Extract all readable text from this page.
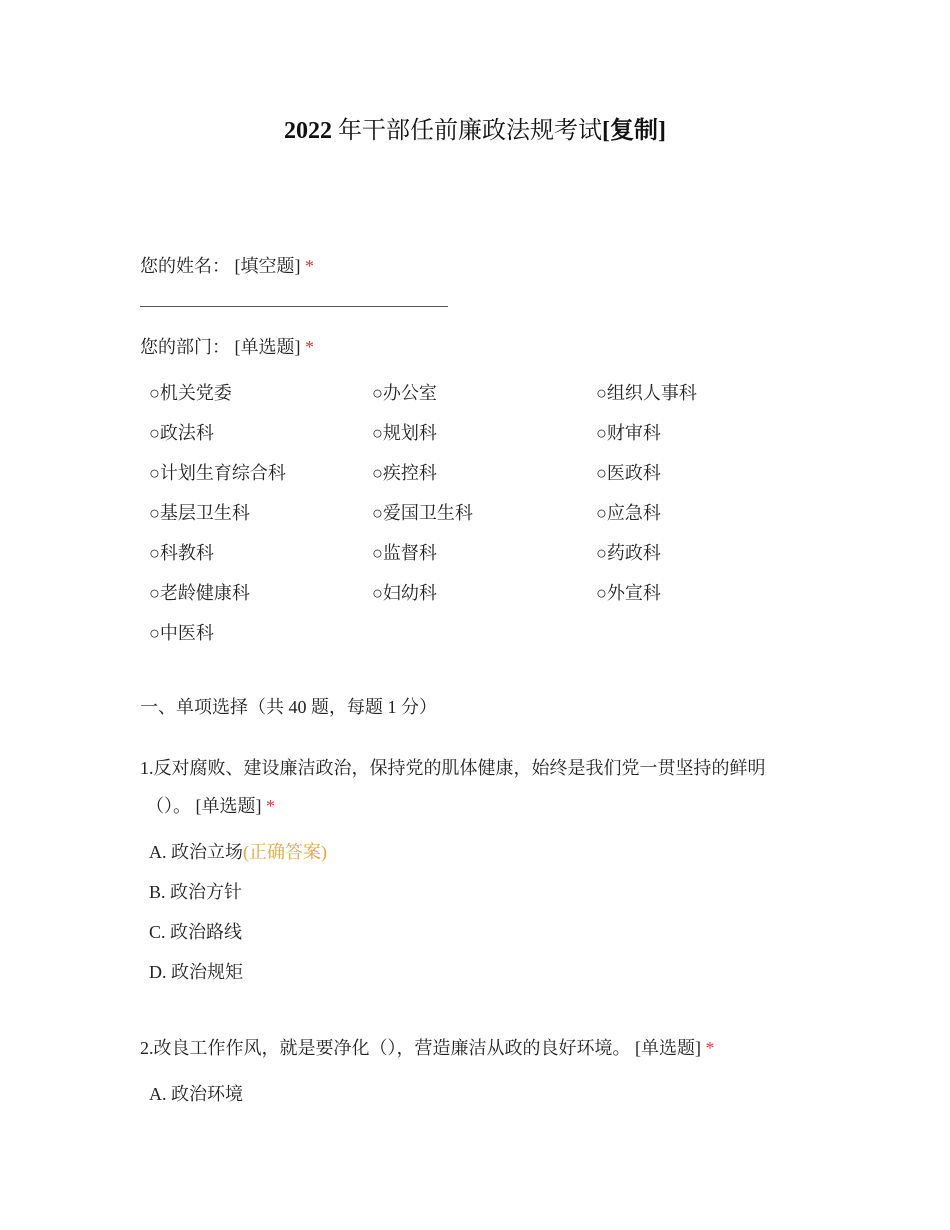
2022 年干部任前廉政法规考试[复制]
您的姓名： [填空题] *
您的部门： [单选题] *
○机关党委	○办公室	○组织人事科
○政法科	○规划科	○财审科
○计划生育综合科	○疾控科	○医政科
○基层卫生科	○爱国卫生科	○应急科
○科教科	○监督科	○药政科
○老龄健康科	○妇幼科	○外宣科
○中医科
一、单项选择（共 40 题，每题 1 分）
1.反对腐败、建设廉洁政治，保持党的肌体健康，始终是我们党一贯坚持的鲜明
（）。 [单选题] *
A. 政治立场(正确答案)
B. 政治方针
C. 政治路线
D. 政治规矩
2.改良工作作风，就是要净化（），营造廉洁从政的良好环境。 [单选题] *
A. 政治环境
